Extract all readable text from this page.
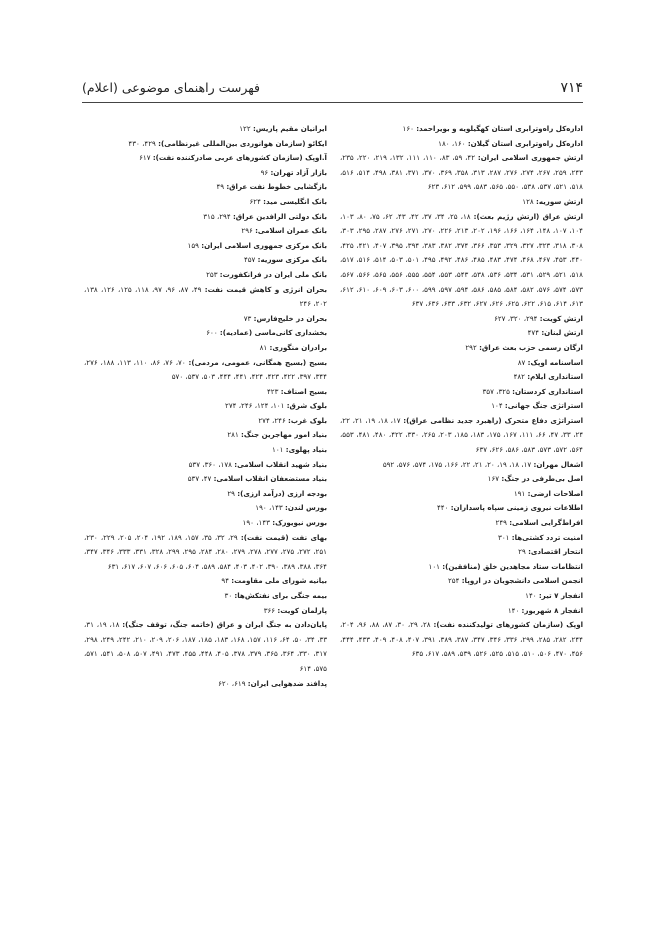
۷۱۴
فهرست راهنمای موضوعی (اعلام)

اداره‌کل راه‌وترابری استان کهگیلویه و بویراحمد: ۱۶۰

اداره‌کل راه‌وترابری استان گیلان: ۱۶۰، ۱۸۰

ارتش جمهوری اسلامی ایران: ۴۲، ۵۹، ۸۳، ۱۱۰، ۱۱۱، ۱۳۲، ۲۱۹، ۲۲۰، ۲۳۵، ۲۴۳، ۲۵۹، ۲۶۷، ۲۷۴، ۲۷۶، ۲۸۷، ۳۱۳، ۳۵۸، ۳۶۹، ۳۷۰، ۳۷۱، ۳۸۱، ۴۹۸، ۵۱۴، ۵۱۶، ۵۱۸، ۵۲۱، ۵۳۷، ۵۳۸، ۵۵۰، ۵۶۵، ۵۸۳، ۵۹۹، ۶۱۲، ۶۲۳

ارتش سوریه: ۱۲۸

ارتش عراق (ارتش رژیم بعث): ۱۸، ۲۵، ۳۴، ۳۷، ۴۲، ۴۳، ۶۲، ۷۵، ۸۰، ۱۰۳، ۱۰۴، ۱۰۷، ۱۴۸، ۱۶۴، ۱۶۶، ۱۹۶، ۲۰۲، ۲۱۳، ۲۲۶، ۲۷۰، ۲۷۱، ۲۷۶، ۲۸۷، ۲۹۵، ۳۰۳، ۳۰۸، ۳۱۸، ۳۲۳، ۳۲۷، ۳۲۹، ۳۵۳، ۳۶۶، ۳۷۴، ۳۸۲، ۳۸۳، ۳۹۴، ۳۹۵، ۴۰۷، ۴۲۱، ۴۲۵، ۴۴۰، ۴۵۳، ۴۶۷، ۴۶۸، ۴۷۴، ۴۸۳، ۴۸۵، ۴۸۶، ۴۹۲، ۴۹۵، ۵۰۱، ۵۰۳، ۵۱۴، ۵۱۶، ۵۱۷، ۵۱۸، ۵۲۱، ۵۲۹، ۵۳۱، ۵۳۴، ۵۳۶، ۵۳۸، ۵۴۳، ۵۵۳، ۵۵۴، ۵۵۵، ۵۵۶، ۵۶۵، ۵۶۶، ۵۶۷، ۵۷۳، ۵۷۴، ۵۷۶، ۵۸۲، ۵۸۴، ۵۸۵، ۵۸۶، ۵۹۴، ۵۹۷، ۵۹۹، ۶۰۰، ۶۰۳، ۶۰۹، ۶۱۰، ۶۱۲، ۶۱۳، ۶۱۴، ۶۱۵، ۶۲۲، ۶۲۵، ۶۲۶، ۶۲۷، ۶۳۲، ۶۳۳، ۶۳۶، ۶۳۷

ارتش کویت: ۲۹۴، ۳۲۰، ۶۲۷

ارتش لبنان: ۴۷۴

ارگان رسمی حزب بعث عراق: ۲۹۲

اساسنامه اوپک: ۸۷

استانداری ایلام: ۴۸۲

استانداری کردستان: ۳۲۵، ۳۵۷

استراتژی جنگ جهانی: ۱۰۴

استراتژی دفاع متحرک (راهبرد جدید نظامی عراق): ۱۷، ۱۸، ۱۹، ۲۱، ۲۲، ۲۴، ۳۳، ۴۷، ۶۶، ۱۱۱، ۱۶۷، ۱۷۵، ۱۸۳، ۱۸۵، ۲۰۳، ۲۶۵، ۳۳۰، ۴۲۲، ۴۸۰، ۴۸۱، ۵۵۳، ۵۶۴، ۵۷۲، ۵۷۳، ۵۸۳، ۵۸۶، ۶۲۶، ۶۳۷

اشغال مهران: ۱۷، ۱۸، ۱۹، ۲۰، ۲۱، ۲۲، ۱۶۶، ۱۷۵، ۵۷۴، ۵۷۶، ۵۹۲

اصل بی‌طرفی در جنگ: ۱۶۷

اصلاحات ارضی: ۱۹۱

اطلاعات نیروی زمینی سپاه پاسداران: ۴۴۰

افراط‌گرایی اسلامی: ۲۴۹

امنیت تردد کشتی‌ها: ۳۰۱

انتحار اقتصادی: ۲۹

انتظامات ستاد مجاهدین خلق (منافقین): ۱۰۱

انجمن اسلامی دانشجویان در اروپا: ۲۵۴

انفجار ۷ تیر: ۱۴۰

انفجار ۸ شهریور: ۱۴۰

اوپک (سازمان کشورهای تولیدکننده نفت): ۲۸، ۲۹، ۳۰، ۸۷، ۸۸، ۹۶، ۲۰۴، ۲۴۴، ۲۸۲، ۲۸۵، ۲۹۹، ۳۳۶، ۳۴۶، ۳۴۷، ۳۸۷، ۳۸۹، ۳۹۱، ۴۰۷، ۴۰۸، ۴۰۹، ۴۳۳، ۴۴۴، ۴۵۶، ۴۷۰، ۵۰۶، ۵۱۰، ۵۱۵، ۵۲۵، ۵۲۶، ۵۳۹، ۵۸۹، ۶۱۷، ۶۳۵

ایرانیان مقیم پاریس: ۱۲۲

ایکائو (سازمان هوانوردی بین‌المللی غیرنظامی): ۴۲۹، ۴۳۰

آ.اوپک (سازمان کشورهای عربی صادرکننده نفت): ۶۱۷

بازار آزاد تهران: ۹۶

بازگشایی خطوط نفت عراق: ۴۹

بانک انگلیسی مید: ۶۲۴

بانک دولتی الرافدین عراق: ۲۹۴، ۳۱۵

بانک عمران اسلامی: ۲۹۶

بانک مرکزی جمهوری اسلامی ایران: ۱۵۹

بانک مرکزی سوریه: ۴۵۷

بانک ملی ایران در فرانکفورت: ۲۵۳

بحران انرژی و کاهش قیمت نفت: ۴۹، ۸۷، ۹۶، ۹۷، ۱۱۸، ۱۲۵، ۱۲۶، ۱۳۸، ۲۰۲، ۲۴۶

بحران در خلیج‌فارس: ۷۳

بخشداری کانی‌ماسی (عمادیه): ۶۰۰

برادران منگوری: ۸۱

بسیج (بسیج همگانی، عمومی، مردمی): ۷۰، ۷۶، ۸۶، ۱۱۰، ۱۱۳، ۱۸۸، ۲۷۶، ۳۴۴، ۳۹۷، ۴۲۲، ۴۲۳، ۴۲۴، ۴۴۱، ۴۴۴، ۵۰۳، ۵۳۷، ۵۷۰

بسیج اصناف: ۴۲۳

بلوک شرق: ۱۰۱، ۱۲۴، ۲۴۶، ۲۷۴

بلوک غرب: ۲۴۶، ۲۷۴

بنیاد امور مهاجرین جنگ: ۲۸۱

بنیاد پهلوی: ۱۰۱

بنیاد شهید انقلاب اسلامی: ۱۷۸، ۳۶۰، ۵۳۷

بنیاد مستضعفان انقلاب اسلامی: ۴۷، ۵۳۷

بودجه ارزی (درآمد ارزی): ۲۹

بورس لندن: ۱۴۳، ۱۹۰

بورس نیویورک: ۱۴۳، ۱۹۰

بهای نفت (قیمت نفت): ۲۹، ۳۲، ۳۵، ۱۵۷، ۱۸۹، ۱۹۲، ۲۰۴، ۲۰۵، ۲۲۹، ۲۳۰، ۲۵۱، ۲۷۲، ۲۷۵، ۲۷۷، ۲۷۸، ۲۷۹، ۲۸۰، ۲۸۴، ۲۹۵، ۲۹۹، ۳۲۸، ۳۳۱، ۳۳۳، ۳۴۶، ۳۴۷، ۳۶۴، ۳۸۸، ۳۸۹، ۳۹۰، ۴۰۲، ۴۰۳، ۵۸۴، ۵۸۹، ۶۰۴، ۶۰۵، ۶۰۶، ۶۰۷، ۶۱۷، ۶۳۱

بیانیه شورای ملی مقاومت: ۹۴

بیمه جنگی برای نفتکش‌ها: ۳۰

پارلمان کویت: ۳۶۶

پایان‌دادن به جنگ ایران و عراق (خاتمه جنگ، توقف جنگ): ۱۸، ۱۹، ۳۱، ۳۳، ۳۴، ۵۰، ۶۴، ۱۱۶، ۱۵۷، ۱۶۸، ۱۸۳، ۱۸۵، ۱۸۷، ۲۰۶، ۲۰۹، ۲۱۰، ۲۴۲، ۲۴۹، ۲۹۸، ۳۱۷، ۳۳۰، ۳۶۴، ۳۶۵، ۳۷۹، ۳۷۸، ۴۰۵، ۴۴۸، ۴۵۵، ۴۷۳، ۴۹۱، ۵۰۷، ۵۰۸، ۵۴۱، ۵۷۱، ۵۷۵، ۶۱۴

پدافند ضدهوایی ایران: ۶۱۹، ۶۲۰
